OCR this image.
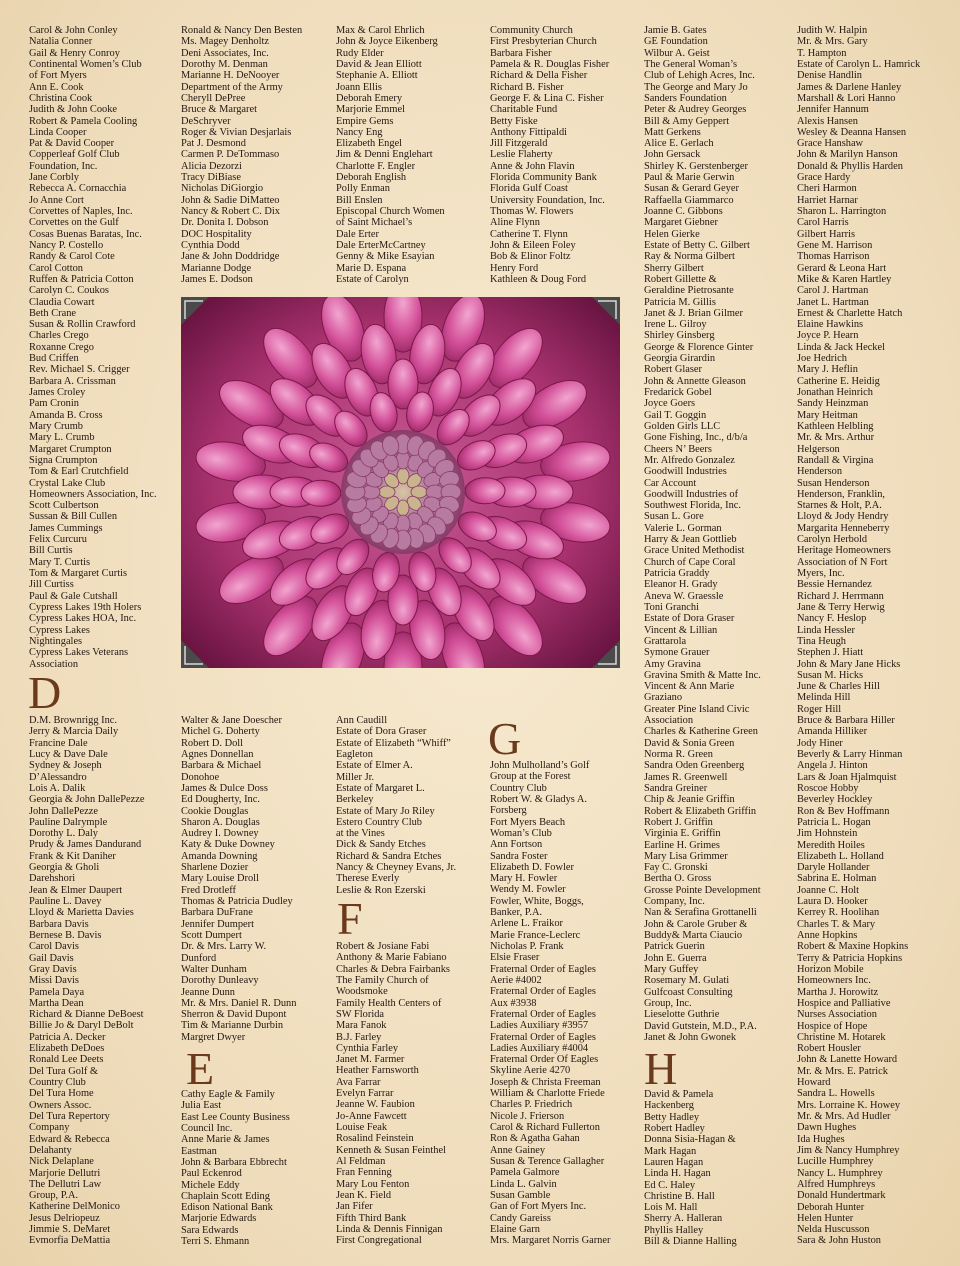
Carol & John Conley
Natalia Conner
Gail & Henry Conroy
Continental Women’s Club
of Fort Myers
Ann E. Cook
Christina Cook
Judith & John Cooke
Robert & Pamela Cooling
Linda Cooper
Pat & David Cooper
Copperleaf Golf Club
Foundation, Inc.
Jane Corbly
Rebecca A. Cornacchia
Jo Anne Cort
Corvettes of Naples, Inc.
Corvettes on the Gulf
Cosas Buenas Baratas, Inc.
Nancy P. Costello
Randy & Carol Cote
Carol Cotton
Ruffen & Patricia Cotton
Carolyn C. Coukos
Claudia Cowart
Beth Crane
Susan & Rollin Crawford
Charles Crego
Roxanne Crego
Bud Criffen
Rev. Michael S. Crigger
Barbara A. Crissman
James Croley
Pam Cronin
Amanda B. Cross
Mary Crumb
Mary L. Crumb
Margaret Crumpton
Signa Crumpton
Tom & Earl Crutchfield
Crystal Lake Club
Homeowners Association, Inc.
Scott Culbertson
Sussan & Bill Cullen
James Cummings
Felix Curcuru
Bill Curtis
Mary T. Curtis
Tom & Margaret Curtis
Jill Curtiss
Paul & Gale Cutshall
Cypress Lakes 19th Holers
Cypress Lakes HOA, Inc.
Cypress Lakes
Nightingales
Cypress Lakes Veterans
Association
Ronald & Nancy Den Besten
Ms. Magey Denholtz
Deni Associates, Inc.
Dorothy M. Denman
Marianne H. DeNooyer
Department of the Army
Cheryll DePree
Bruce & Margaret
DeSchryver
Roger & Vivian Desjarlais
Pat J. Desmond
Carmen P. DeTommaso
Alicia Dezorzi
Tracy DiBiase
Nicholas DiGiorgio
John & Sadie DiMatteo
Nancy & Robert C. Dix
Dr. Donita I. Dobson
DOC Hospitality
Cynthia Dodd
Jane & John Doddridge
Marianne Dodge
James E. Dodson
Max & Carol Ehrlich
John & Joyce Eikenberg
Rudy Elder
David & Jean Elliott
Stephanie A. Elliott
Joann Ellis
Deborah Emery
Marjorie Emmel
Empire Gems
Nancy Eng
Elizabeth Engel
Jim & Denni Englehart
Charlotte F. Engler
Deborah English
Polly Enman
Bill Enslen
Episcopal Church Women
of Saint Michael’s
Dale Erter
Dale ErterMcCartney
Genny & Mike Esayian
Marie D. Espana
Estate of Carolyn
Community Church
First Presbyterian Church
Barbara Fisher
Pamela & R. Douglas Fisher
Richard & Della Fisher
Richard B. Fisher
George F. & Lina C. Fisher
Charitable Fund
Betty Fiske
Anthony Fittipaldi
Jill Fitzgerald
Leslie Flaherty
Anne & John Flavin
Florida Community Bank
Florida Gulf Coast
University Foundation, Inc.
Thomas W. Flowers
Aline Flynn
Catherine T. Flynn
John & Eileen Foley
Bob & Elinor Foltz
Henry Ford
Kathleen & Doug Ford
Jamie B. Gates
GE Foundation
Wilbur A. Geist
The General Woman’s
Club of Lehigh Acres, Inc.
The George and Mary Jo
Sanders Foundation
Peter & Audrey Georges
Bill & Amy Geppert
Matt Gerkens
Alice E. Gerlach
John Gersack
Shirley K. Gerstenberger
Paul & Marie Gerwin
Susan & Gerard Geyer
Raffaella Giammarco
Joanne C. Gibbons
Margaret Giebner
Helen Gierke
Estate of Betty C. Gilbert
Ray & Norma Gilbert
Sherry Gilbert
Robert Gillette &
Geraldine Pietrosante
Patricia M. Gillis
Janet & J. Brian Gilmer
Irene L. Gilroy
Shirley Ginsberg
George & Florence Ginter
Georgia Girardin
Robert Glaser
John & Annette Gleason
Fredarick Gobel
Joyce Goers
Gail T. Goggin
Golden Girls LLC
Gone Fishing, Inc., d/b/a
Cheers N’ Beers
Mr. Alfredo Gonzalez
Goodwill Industries
Car Account
Goodwill Industries of
Southwest Florida, Inc.
Susan L. Gore
Valerie L. Gorman
Harry & Jean Gottlieb
Grace United Methodist
Church of Cape Coral
Patricia Graddy
Eleanor H. Grady
Aneva W. Graessle
Toni Granchi
Estate of Dora Graser
Vincent & Lillian
Grattarola
Symone Grauer
Amy Gravina
Gravina Smith & Matte Inc.
Vincent & Ann Marie
Graziano
Greater Pine Island Civic
Association
Charles & Katherine Green
David & Sonia Green
Norma R. Green
Sandra Oden Greenberg
James R. Greenwell
Sandra Greiner
Chip & Jeanie Griffin
Robert & Elizabeth Griffin
Robert J. Griffin
Virginia E. Griffin
Earline H. Grimes
Mary Lisa Grimmer
Fay C. Gronski
Bertha O. Gross
Grosse Pointe Development
Company, Inc.
Nan & Serafina Grottanelli
John & Carole Gruber &
Buddy& Marta Ciaucio
Patrick Guerin
John E. Guerra
Mary Guffey
Rosemary M. Gulati
Gulfcoast Consulting
Group, Inc.
Lieselotte Guthrie
David Gutstein, M.D., P.A.
Janet & John Gwonek
Judith W. Halpin
Mr. & Mrs. Gary
T. Hampton
Estate of Carolyn L. Hamrick
Denise Handlin
James & Darlene Hanley
Marshall & Lori Hanno
Jennifer Hannum
Alexis Hansen
Wesley & Deanna Hansen
Grace Hanshaw
John & Marilyn Hanson
Donald & Phyllis Harden
Grace Hardy
Cheri Harmon
Harriet Harnar
Sharon L. Harrington
Carol Harris
Gilbert Harris
Gene M. Harrison
Thomas Harrison
Gerard & Leona Hart
Mike & Karen Hartley
Carol J. Hartman
Janet L. Hartman
Ernest & Charlette Hatch
Elaine Hawkins
Joyce P. Hearn
Linda & Jack Heckel
Joe Hedrich
Mary J. Heflin
Catherine E. Heidig
Jonathan Heinrich
Sandy Heinzman
Mary Heitman
Kathleen Helbling
Mr. & Mrs. Arthur
Helgerson
Randall & Virgina
Henderson
Susan Henderson
Henderson, Franklin,
Starnes & Holt, P.A.
Lloyd & Jody Hendry
Margarita Henneberry
Carolyn Herbold
Heritage Homeowners
Association of N Fort
Myers, Inc.
Bessie Hernandez
Richard J. Herrmann
Jane & Terry Herwig
Nancy F. Heslop
Linda Hessler
Tina Heugh
Stephen J. Hiatt
John & Mary Jane Hicks
Susan M. Hicks
June & Charles Hill
Melinda Hill
Roger Hill
Bruce & Barbara Hiller
Amanda Hilliker
Jody Hiner
Beverly & Larry Hinman
Angela J. Hinton
Lars & Joan Hjalmquist
Roscoe Hobby
Beverley Hockley
Ron & Bev Hoffmann
Patricia L. Hogan
Jim Hohnstein
Meredith Hoiles
Elizabeth L. Holland
Daryle Hollander
Sabrina E. Holman
Joanne C. Holt
Laura D. Hooker
Kerrey R. Hoolihan
Charles T. & Mary
Anne Hopkins
Robert & Maxine Hopkins
Terry & Patricia Hopkins
Horizon Mobile
Homeowners Inc.
Martha J. Horowitz
Hospice and Palliative
Nurses Association
Hospice of Hope
Christine M. Hotarek
Robert Housler
John & Lanette Howard
Mr. & Mrs. E. Patrick
Howard
Sandra L. Howells
Mrs. Lorraine K. Howey
Mr. & Mrs. Ad Hudler
Dawn Hughes
Ida Hughes
Jim & Nancy Humphrey
Lucille Humphrey
Nancy L. Humphrey
Alfred Humphreys
Donald Hundertmark
Deborah Hunter
Helen Hunter
Nelda Huscusson
Sara & John Huston
D
E
F
G
H
D.M. Brownrigg Inc.
Jerry & Marcia Daily
Francine Dale
Lucy & Dave Dale
Sydney & Joseph
D’Alessandro
Lois A. Dalik
Georgia & John DallePezze
John DallePezze
Pauline Dalrymple
Dorothy L. Daly
Prudy & James Dandurand
Frank & Kit Daniher
Georgia & Gholi
Darehshori
Jean & Elmer Daupert
Pauline L. Davey
Lloyd & Marietta Davies
Barbara Davis
Bernese B. Davis
Carol Davis
Gail Davis
Gray Davis
Missi Davis
Pamela Daya
Martha Dean
Richard & Dianne DeBoest
Billie Jo & Daryl DeBolt
Patricia A. Decker
Elizabeth DeDoes
Ronald Lee Deets
Del Tura Golf &
Country Club
Del Tura Home
Owners Assoc.
Del Tura Repertory
Company
Edward & Rebecca
Delahanty
Nick Delaplane
Marjorie Dellutri
The Dellutri Law
Group, P.A.
Katherine DelMonico
Jesus Delriopeuz
Jimmie S. DeMaret
Evmorfia DeMattia
Walter & Jane Doescher
Michel G. Doherty
Robert D. Doll
Agnes Donnellan
Barbara & Michael
Donohoe
James & Dulce Doss
Ed Dougherty, Inc.
Cookie Douglas
Sharon A. Douglas
Audrey I. Downey
Katy & Duke Downey
Amanda Downing
Sharlene Dozier
Mary Louise Droll
Fred Drotleff
Thomas & Patricia Dudley
Barbara DuFrane
Jennifer Dumpert
Scott Dumpert
Dr. & Mrs. Larry W.
Dunford
Walter Dunham
Dorothy Dunleavy
Jeanne Dunn
Mr. & Mrs. Daniel R. Dunn
Sherron & David Dupont
Tim & Marianne Durbin
Margret Dwyer
Cathy Eagle & Family
Julia East
East Lee County Business
Council Inc.
Anne Marie & James
Eastman
John & Barbara Ebbrecht
Paul Eckenrod
Michele Eddy
Chaplain Scott Eding
Edison National Bank
Marjorie Edwards
Sara Edwards
Terri S. Ehmann
Ann Caudill
Estate of Dora Graser
Estate of Elizabeth “Whiff”
Eagleton
Estate of Elmer A.
Miller Jr.
Estate of Margaret L.
Berkeley
Estate of Mary Jo Riley
Estero Country Club
at the Vines
Dick & Sandy Etches
Richard & Sandra Etches
Nancy & Cheyney Evans, Jr.
Therese Everly
Leslie & Ron Ezerski
Robert & Josiane Fabi
Anthony & Marie Fabiano
Charles & Debra Fairbanks
The Family Church of
Woodsmoke
Family Health Centers of
SW Florida
Mara Fanok
B.J. Farley
Cynthia Farley
Janet M. Farmer
Heather Farnsworth
Ava Farrar
Evelyn Farrar
Jeanne W. Faubion
Jo-Anne Fawcett
Louise Feak
Rosalind Feinstein
Kenneth & Susan Feinthel
Al Feldman
Fran Fenning
Mary Lou Fenton
Jean K. Field
Jan Fifer
Fifth Third Bank
Linda & Dennis Finnigan
First Congregational
John Mulholland’s Golf
Group at the Forest
Country Club
Robert W. & Gladys A.
Forsberg
Fort Myers Beach
Woman’s Club
Ann Fortson
Sandra Foster
Elizabeth D. Fowler
Mary H. Fowler
Wendy M. Fowler
Fowler, White, Boggs,
Banker, P.A.
Arlene L. Fraikor
Marie France-Leclerc
Nicholas P. Frank
Elsie Fraser
Fraternal Order of Eagles
Aerie #4002
Fraternal Order of Eagles
Aux #3938
Fraternal Order of Eagles
Ladies Auxiliary #3957
Fraternal Order of Eagles
Ladies Auxiliary #4004
Fraternal Order Of Eagles
Skyline Aerie 4270
Joseph & Christa Freeman
William & Charlotte Friede
Charles P. Friedrich
Nicole J. Frierson
Carol & Richard Fullerton
Ron & Agatha Gahan
Anne Gainey
Susan & Terence Gallagher
Pamela Galmore
Linda L. Galvin
Susan Gamble
Gan of Fort Myers Inc.
Candy Gareiss
Elaine Garn
Mrs. Margaret Norris Garner
David & Pamela
Hackenberg
Betty Hadley
Robert Hadley
Donna Sisia-Hagan &
Mark Hagan
Lauren Hagan
Linda H. Hagan
Ed C. Haley
Christine B. Hall
Lois M. Hall
Sherry A. Halleran
Phyllis Halley
Bill & Dianne Halling
